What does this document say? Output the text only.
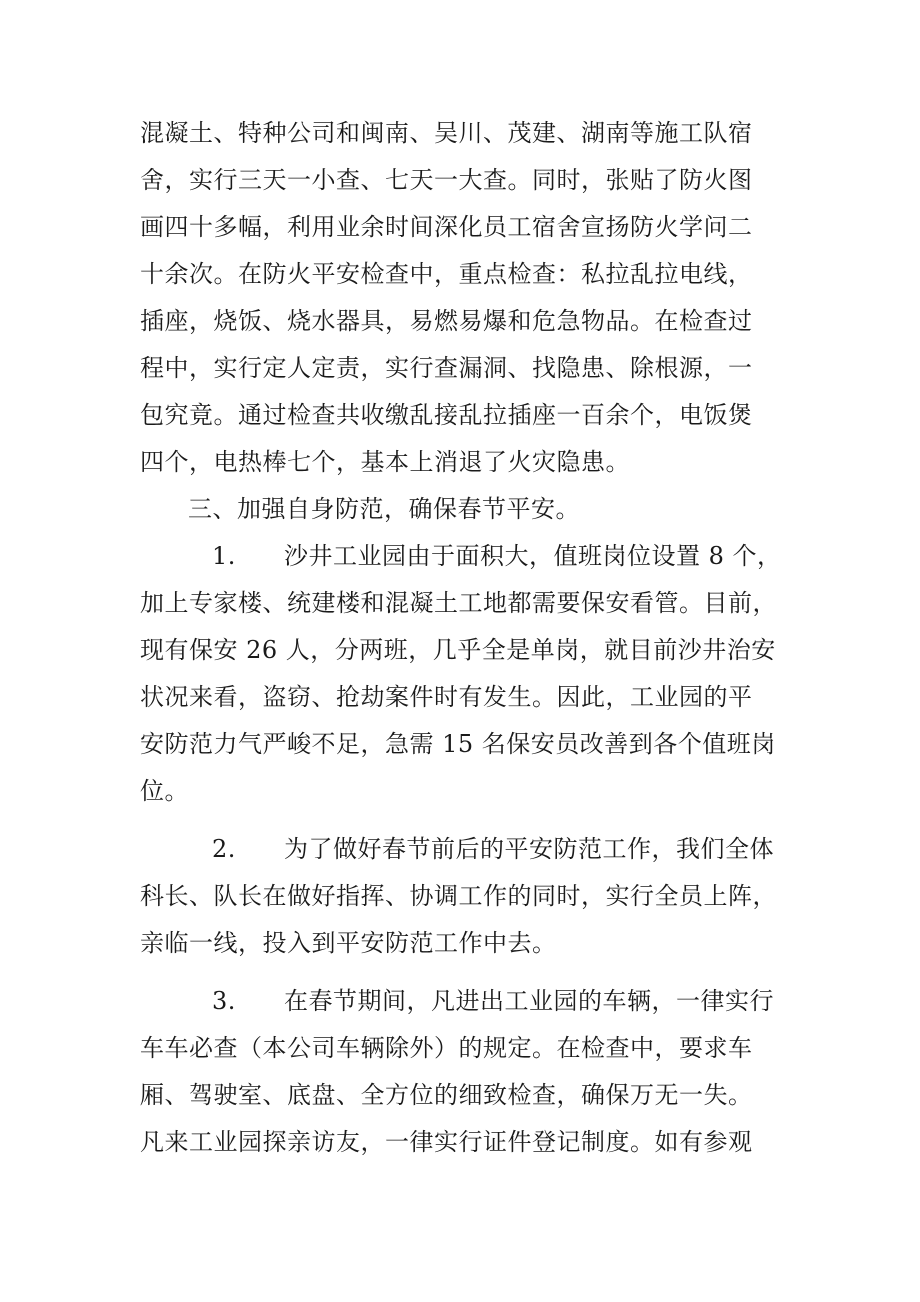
混凝土、特种公司和闽南、吴川、茂建、湖南等施工队宿
舍，实行三天一小查、七天一大查。同时，张贴了防火图
画四十多幅，利用业余时间深化员工宿舍宣扬防火学问二
十余次。在防火平安检查中，重点检查：私拉乱拉电线，
插座，烧饭、烧水器具，易燃易爆和危急物品。在检查过
程中，实行定人定责，实行查漏洞、找隐患、除根源，一
包究竟。通过检查共收缴乱接乱拉插座一百余个，电饭煲
四个，电热棒七个，基本上消退了火灾隐患。
三、加强自身防范，确保春节平安。
1. 沙井工业园由于面积大，值班岗位设置 8 个，
加上专家楼、统建楼和混凝土工地都需要保安看管。目前，
现有保安 26 人，分两班，几乎全是单岗，就目前沙井治安
状况来看，盗窃、抢劫案件时有发生。因此，工业园的平
安防范力气严峻不足，急需 15 名保安员改善到各个值班岗
位。
2. 为了做好春节前后的平安防范工作，我们全体
科长、队长在做好指挥、协调工作的同时，实行全员上阵，
亲临一线，投入到平安防范工作中去。
3. 在春节期间，凡进出工业园的车辆，一律实行
车车必查（本公司车辆除外）的规定。在检查中，要求车
厢、驾驶室、底盘、全方位的细致检查，确保万无一失。
凡来工业园探亲访友，一律实行证件登记制度。如有参观
